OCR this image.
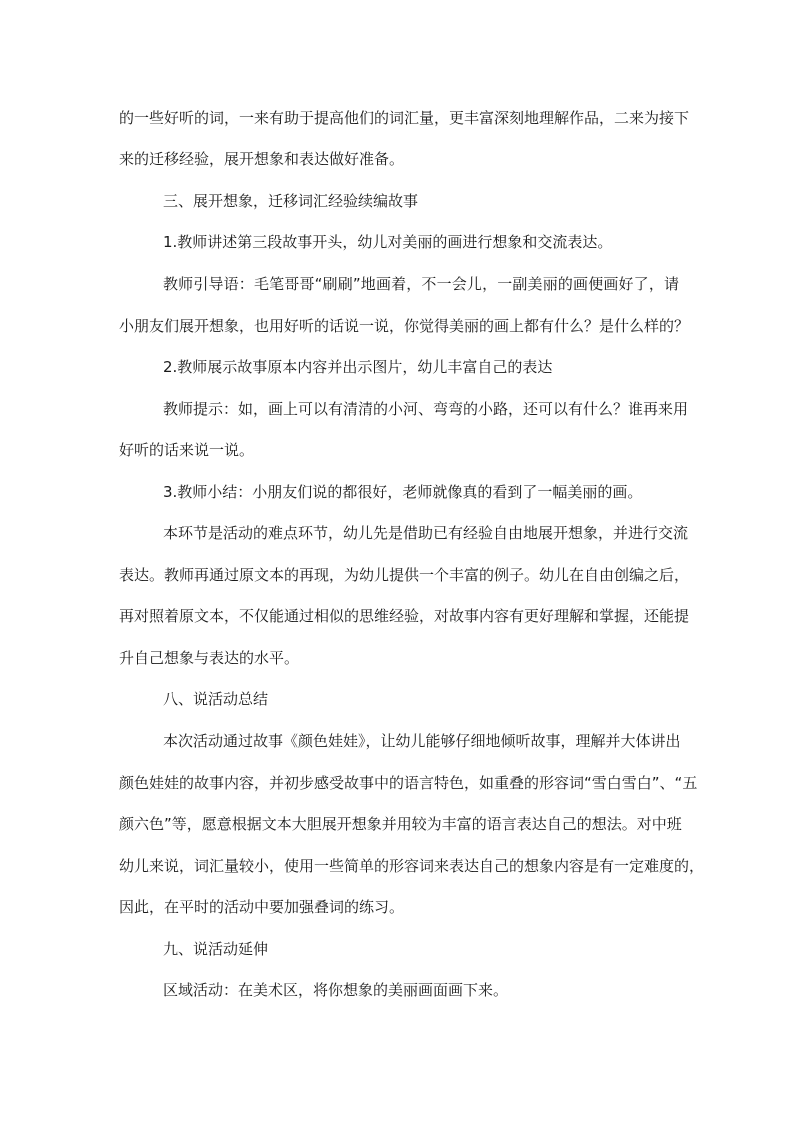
的一些好听的词，一来有助于提高他们的词汇量，更丰富深刻地理解作品，二来为接下
来的迁移经验，展开想象和表达做好准备。
三、展开想象，迁移词汇经验续编故事
1.教师讲述第三段故事开头，幼儿对美丽的画进行想象和交流表达。
教师引导语：毛笔哥哥“刷刷”地画着，不一会儿，一副美丽的画便画好了，请
小朋友们展开想象，也用好听的话说一说，你觉得美丽的画上都有什么？是什么样的？
2.教师展示故事原本内容并出示图片，幼儿丰富自己的表达
教师提示：如，画上可以有清清的小河、弯弯的小路，还可以有什么？谁再来用
好听的话来说一说。
3.教师小结：小朋友们说的都很好，老师就像真的看到了一幅美丽的画。
本环节是活动的难点环节，幼儿先是借助已有经验自由地展开想象，并进行交流
表达。教师再通过原文本的再现，为幼儿提供一个丰富的例子。幼儿在自由创编之后，
再对照着原文本，不仅能通过相似的思维经验，对故事内容有更好理解和掌握，还能提
升自己想象与表达的水平。
八、说活动总结
本次活动通过故事《颜色娃娃》，让幼儿能够仔细地倾听故事，理解并大体讲出
颜色娃娃的故事内容，并初步感受故事中的语言特色，如重叠的形容词“雪白雪白”、“五
颜六色”等，愿意根据文本大胆展开想象并用较为丰富的语言表达自己的想法。对中班
幼儿来说，词汇量较小，使用一些简单的形容词来表达自己的想象内容是有一定难度的，
因此，在平时的活动中要加强叠词的练习。
九、说活动延伸
区域活动：在美术区，将你想象的美丽画面画下来。
